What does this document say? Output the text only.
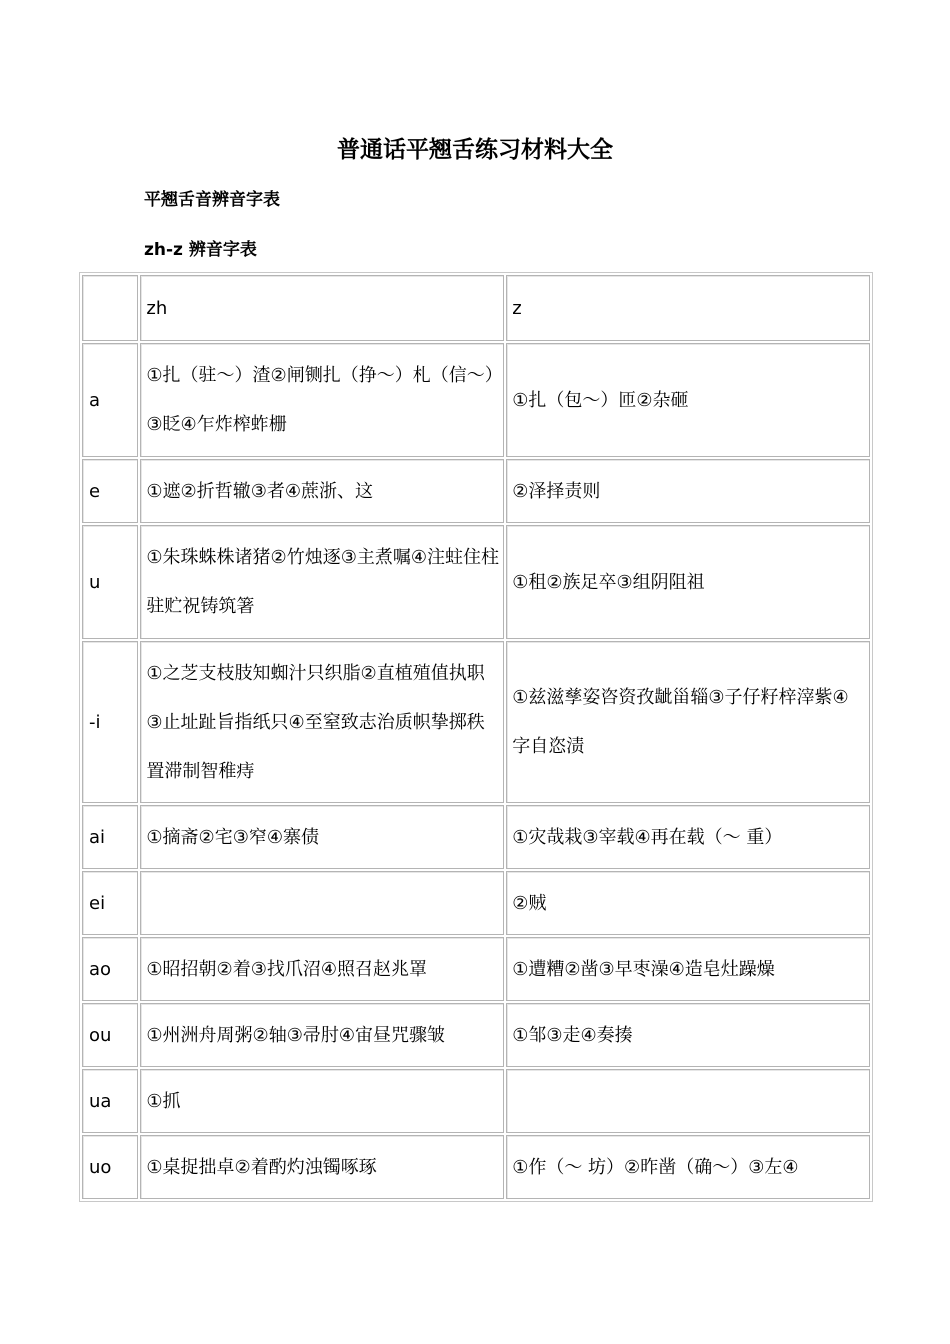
普通话平翘舌练习材料大全
平翘舌音辨音字表
zh-z 辨音字表
	zh	z
a	①扎（驻～）渣②闸铡扎（挣～）札（信～）③眨④乍炸榨蚱栅	①扎（包～）匝②杂砸
e	①遮②折哲辙③者④蔗浙、这	②泽择责则
u	①朱珠蛛株诸猪②竹烛逐③主煮嘱④注蛀住柱驻贮祝铸筑箸	①租②族足卒③组阴阻祖
-i	①之芝支枝肢知蜘汁只织脂②直植殖值执职③止址趾旨指纸只④至窒致志治质帜挚掷秩置滞制智稚痔	①兹滋孳姿咨资孜龇甾辎③子仔籽梓滓紫④字自恣渍
ai	①摘斋②宅③窄④寨债	①灾哉栽③宰载④再在载（～ 重）
ei		②贼
ao	①昭招朝②着③找爪沼④照召赵兆罩	①遭糟②凿③早枣澡④造皂灶躁燥
ou	①州洲舟周粥②轴③帚肘④宙昼咒骤皱	①邹③走④奏揍
ua	①抓	
uo	①桌捉拙卓②着酌灼浊镯啄琢	①作（～ 坊）②昨凿（确～）③左④
